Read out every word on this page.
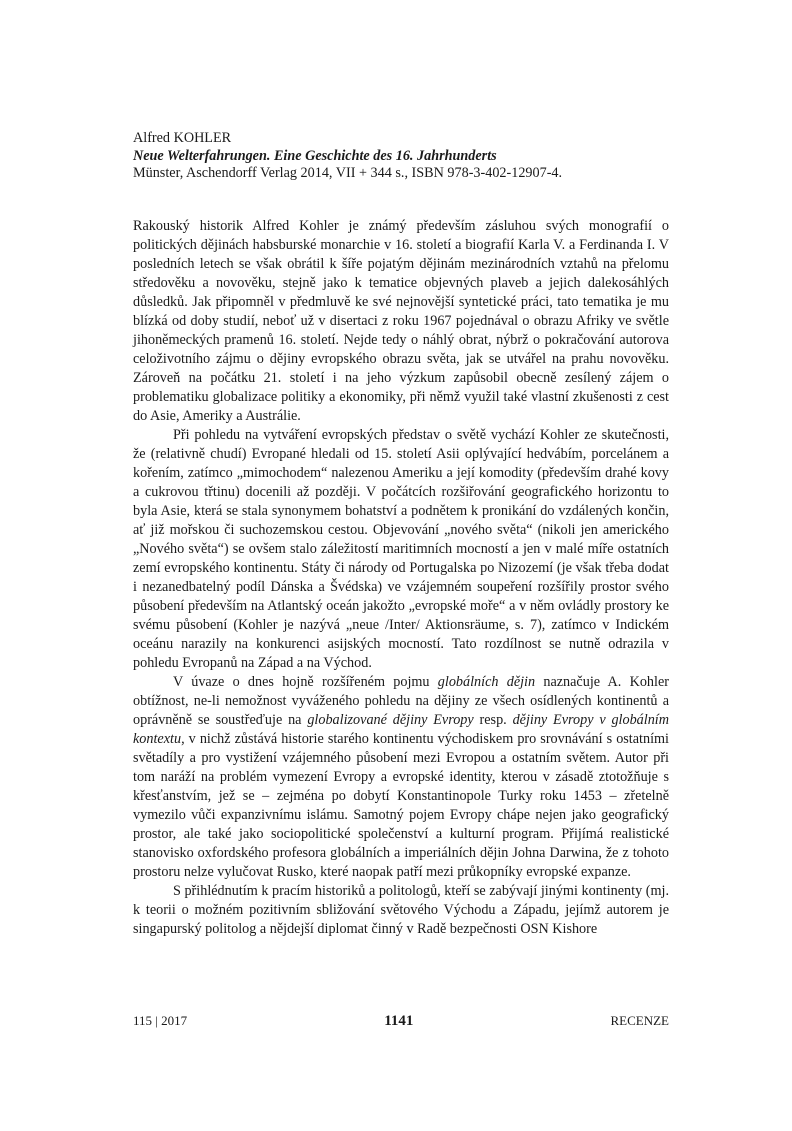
Alfred KOHLER
Neue Welterfahrungen. Eine Geschichte des 16. Jahrhunderts
Münster, Aschendorff Verlag 2014, VII + 344 s., ISBN 978-3-402-12907-4.

Rakouský historik Alfred Kohler je známý především zásluhou svých monografií o politických dějinách habsburské monarchie v 16. století a biografií Karla V. a Ferdinanda I. V posledních letech se však obrátil k šíře pojatým dějinám mezinárodních vztahů na přelomu středověku a novověku, stejně jako k tematice objevných plaveb a jejich dalekosáhlých důsledků. Jak připomněl v předmluvě ke své nejnovější syntetické práci, tato tematika je mu blízká od doby studií, neboť už v disertaci z roku 1967 pojednával o obrazu Afriky ve světle jihoněmeckých pramenů 16. století. Nejde tedy o náhlý obrat, nýbrž o pokračování autorova celoživotního zájmu o dějiny evropského obrazu světa, jak se utvářel na prahu novověku. Zároveň na počátku 21. století i na jeho výzkum zapůsobil obecně zesílený zájem o problematiku globalizace politiky a ekonomiky, při němž využil také vlastní zkušenosti z cest do Asie, Ameriky a Austrálie.

Při pohledu na vytváření evropských představ o světě vychází Kohler ze skutečnosti, že (relativně chudí) Evropané hledali od 15. století Asii oplývající hedvábím, porcelánem a kořením, zatímco „mimochodem“ nalezenou Ameriku a její komodity (především drahé kovy a cukrovou třtinu) docenili až později. V počátcích rozšiřování geografického horizontu to byla Asie, která se stala synonymem bohatství a podnětem k pronikání do vzdálených končin, ať již mořskou či suchozemskou cestou. Objevování „nového světa“ (nikoli jen amerického „Nového světa“) se ovšem stalo záležitostí maritimních mocností a jen v malé míře ostatních zemí evropského kontinentu. Státy či národy od Portugalska po Nizozemí (je však třeba dodat i nezanedbatelný podíl Dánska a Švédska) ve vzájemném soupeření rozšířily prostor svého působení především na Atlantský oceán jakožto „evropské moře“ a v něm ovládly prostory ke svému působení (Kohler je nazývá „neue /Inter/ Aktionsräume, s. 7), zatímco v Indickém oceánu narazily na konkurenci asijských mocností. Tato rozdílnost se nutně odrazila v pohledu Evropanů na Západ a na Východ.

V úvaze o dnes hojně rozšířeném pojmu globálních dějin naznačuje A. Kohler obtížnost, ne-li nemožnost vyváženého pohledu na dějiny ze všech osídlených kontinentů a oprávněně se soustřeďuje na globalizované dějiny Evropy resp. dějiny Evropy v globálním kontextu, v nichž zůstává historie starého kontinentu východiskem pro srovnávání s ostatními světadíly a pro vystižení vzájemného působení mezi Evropou a ostatním světem. Autor při tom naráží na problém vymezení Evropy a evropské identity, kterou v zásadě ztotožňuje s křesťanstvím, jež se – zejména po dobytí Konstantinopole Turky roku 1453 – zřetelně vymezilo vůči expanzivnímu islámu. Samotný pojem Evropy chápe nejen jako geografický prostor, ale také jako sociopolitické společenství a kulturní program. Přijímá realistické stanovisko oxfordského profesora globálních a imperiálních dějin Johna Darwina, že z tohoto prostoru nelze vylučovat Rusko, které naopak patří mezi průkopníky evropské expanze.

S přihlédnutím k pracím historiků a politologů, kteří se zabývají jinými kontinenty (mj. k teorii o možném pozitivním sbližování světového Východu a Západu, jejímž autorem je singapurský politolog a nějdejší diplomat činný v Radě bezpečnosti OSN Kishore

115 | 2017	1141	RECENZE
